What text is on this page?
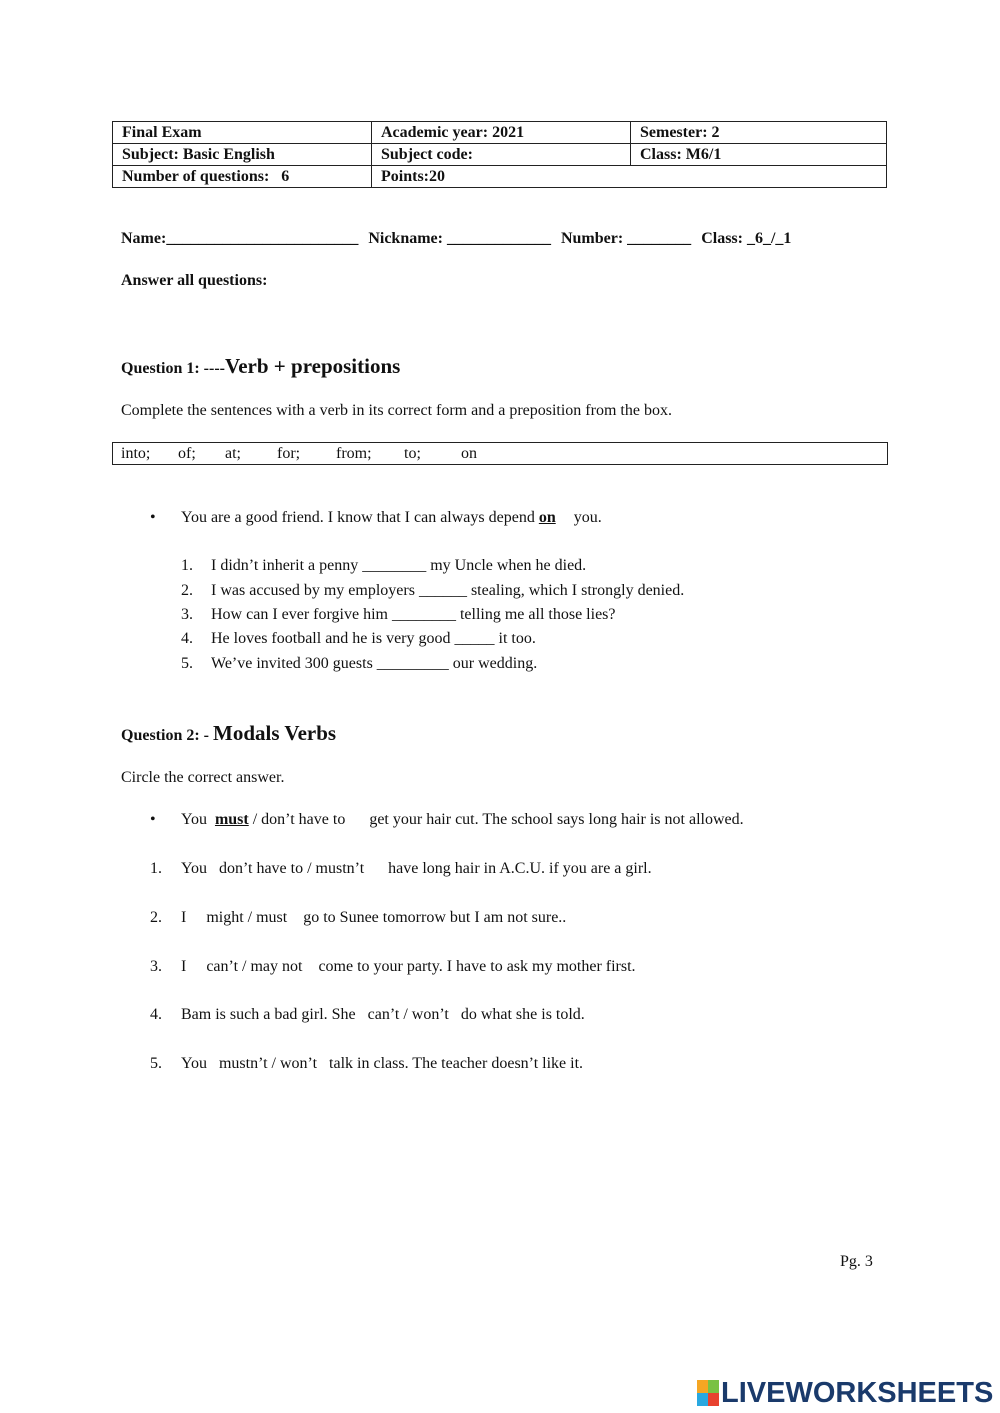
Final Exam	Academic year: 2021	Semester: 2
Subject: Basic English	Subject code:	Class: M6/1
Number of questions:   6	Points:20	
Name:________________________ Nickname: _____________ Number: ________ Class: _6_/_1
Answer all questions:
Question 1: ----Verb + prepositions
Complete the sentences with a verb in its correct form and a preposition from the box.
into; of; at; for; from; to;	on
• You are a good friend. I know that I can always depend on you.
1. I didn’t inherit a penny ________ my Uncle when he died.
2. I was accused by my employers ______ stealing, which I strongly denied.
3. How can I ever forgive him ________ telling me all those lies?
4. He loves football and he is very good _____ it too.
5. We’ve invited 300 guests _________ our wedding.
Question 2: - Modals Verbs
Circle the correct answer.
• You  must / don’t have to      get your hair cut. The school says long hair is not allowed.
1. You   don’t have to / mustn’t      have long hair in A.C.U. if you are a girl.
2. I     might / must    go to Sunee tomorrow but I am not sure..
3. I     can’t / may not    come to your party. I have to ask my mother first.
4. Bam is such a bad girl. She   can’t / won’t   do what she is told.
5. You   mustn’t / won’t   talk in class. The teacher doesn’t like it.
Pg. 3
LIVEWORKSHEETS
